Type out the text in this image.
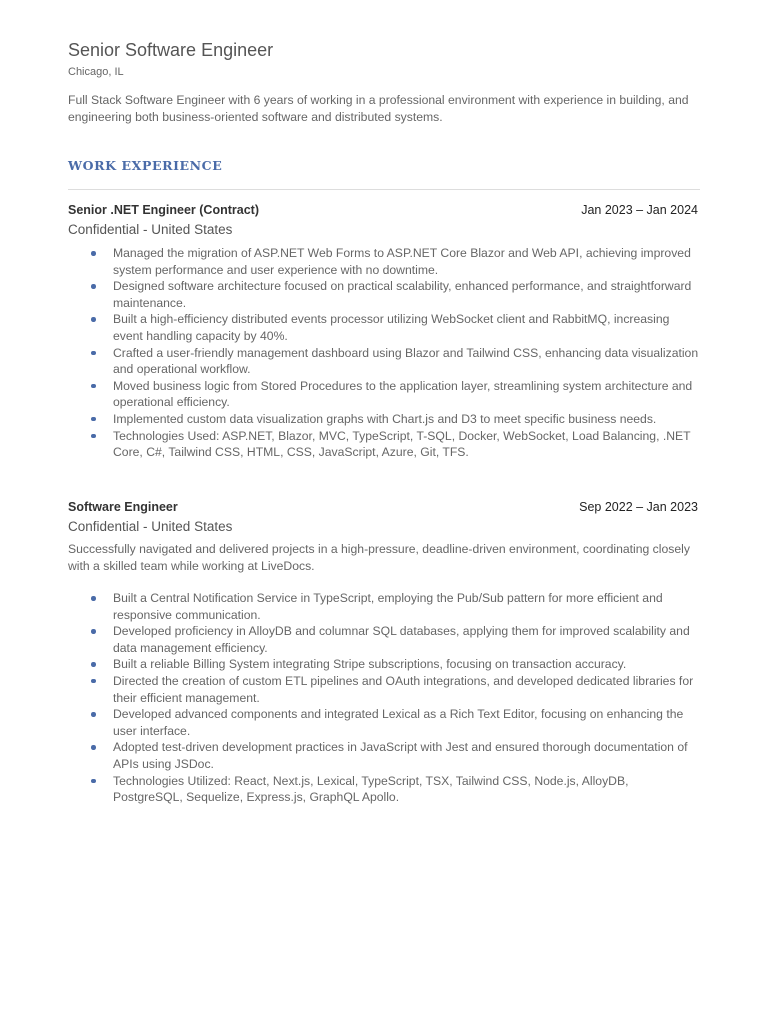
Senior Software Engineer
Chicago, IL
Full Stack Software Engineer with 6 years of working in a professional environment with experience in building, and engineering both business-oriented software and distributed systems.
WORK EXPERIENCE
Senior .NET Engineer (Contract)	Jan 2023 – Jan 2024
Confidential - United States
Managed the migration of ASP.NET Web Forms to ASP.NET Core Blazor and Web API, achieving improved system performance and user experience with no downtime.
Designed software architecture focused on practical scalability, enhanced performance, and straightforward maintenance.
Built a high-efficiency distributed events processor utilizing WebSocket client and RabbitMQ, increasing event handling capacity by 40%.
Crafted a user-friendly management dashboard using Blazor and Tailwind CSS, enhancing data visualization and operational workflow.
Moved business logic from Stored Procedures to the application layer, streamlining system architecture and operational efficiency.
Implemented custom data visualization graphs with Chart.js and D3 to meet specific business needs.
Technologies Used: ASP.NET, Blazor, MVC, TypeScript, T-SQL, Docker, WebSocket, Load Balancing, .NET Core, C#, Tailwind CSS, HTML, CSS, JavaScript, Azure, Git, TFS.
Software Engineer	Sep 2022 – Jan 2023
Confidential - United States
Successfully navigated and delivered projects in a high-pressure, deadline-driven environment, coordinating closely with a skilled team while working at LiveDocs.
Built a Central Notification Service in TypeScript, employing the Pub/Sub pattern for more efficient and responsive communication.
Developed proficiency in AlloyDB and columnar SQL databases, applying them for improved scalability and data management efficiency.
Built a reliable Billing System integrating Stripe subscriptions, focusing on transaction accuracy.
Directed the creation of custom ETL pipelines and OAuth integrations, and developed dedicated libraries for their efficient management.
Developed advanced components and integrated Lexical as a Rich Text Editor, focusing on enhancing the user interface.
Adopted test-driven development practices in JavaScript with Jest and ensured thorough documentation of APIs using JSDoc.
Technologies Utilized: React, Next.js, Lexical, TypeScript, TSX, Tailwind CSS, Node.js, AlloyDB, PostgreSQL, Sequelize, Express.js, GraphQL Apollo.
